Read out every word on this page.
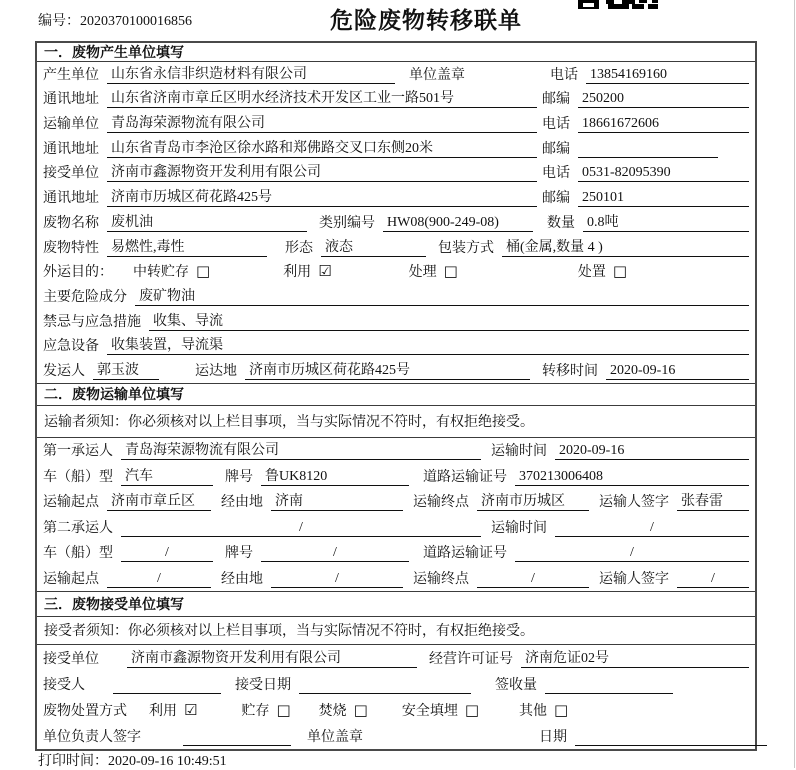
编号：2020370100016856	危险废物转移联单
一．废物产生单位填写
产生单位 山东省永信非织造材料有限公司	单位盖章	电话 13854169160
通讯地址 山东省济南市章丘区明水经济技术开发区工业一路501号	邮编 250200
运输单位 青岛海荣源物流有限公司	电话 18661672606
通讯地址 山东省青岛市李沧区徐水路和郑佛路交叉口东侧20米	邮编
接受单位 济南市鑫源物资开发利用有限公司	电话 0531-82095390
通讯地址 济南市历城区荷花路425号	邮编 250101
废物名称 废机油	类别编号 HW08(900-249-08)	数量 0.8吨
废物特性 易燃性,毒性	形态 液态	包装方式 桶(金属,数量 4 )
外运目的：	中转贮存 □	利用 ☑	处理 □	处置 □
主要危险成分 废矿物油
禁忌与应急措施 收集、导流
应急设备 收集装置，导流渠
发运人 郭玉波	运达地 济南市历城区荷花路425号	转移时间 2020-09-16
二．废物运输单位填写
运输者须知：你必须核对以上栏目事项，当与实际情况不符时，有权拒绝接受。
第一承运人 青岛海荣源物流有限公司	运输时间 2020-09-16
车（船）型 汽车	牌号 鲁UK8120	道路运输证号 370213006408
运输起点 济南市章丘区	经由地 济南	运输终点 济南市历城区	运输人签字 张春雷
第二承运人	/	运输时间	/
车（船）型	/	牌号	/	道路运输证号	/
运输起点	/	经由地	/	运输终点	/	运输人签字	/
三．废物接受单位填写
接受者须知：你必须核对以上栏目事项，当与实际情况不符时，有权拒绝接受。
接受单位	济南市鑫源物资开发利用有限公司	经营许可证号 济南危证02号
接受人	接受日期	签收量
废物处置方式	利用 ☑	贮存 □ 焚烧 □ 安全填埋 □	其他 □
单位负责人签字	单位盖章	日期
打印时间：2020-09-16 10:49:51
